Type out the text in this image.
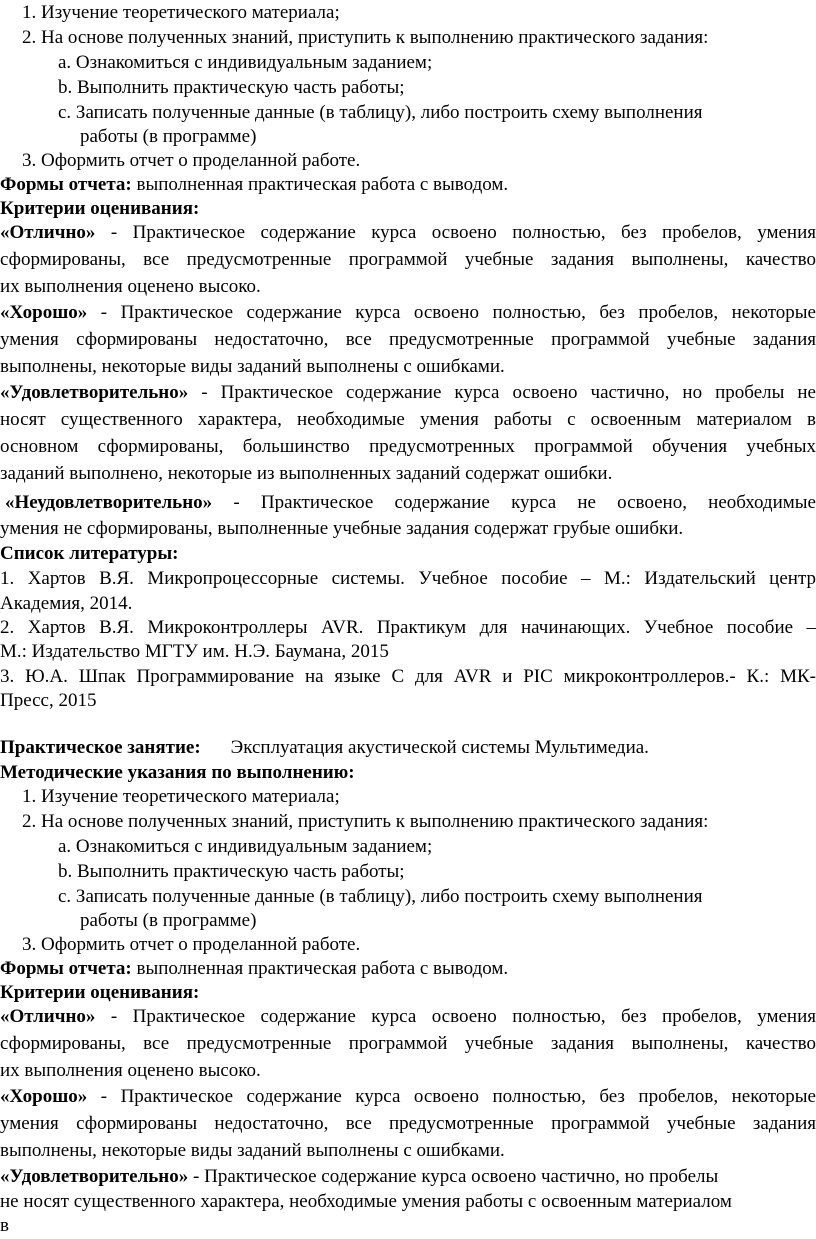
1. Изучение теоретического материала;
2. На основе полученных знаний, приступить к выполнению практического задания:
a. Ознакомиться с индивидуальным заданием;
b. Выполнить практическую часть работы;
c. Записать полученные данные (в таблицу), либо построить схему выполнения
работы (в программе)
3. Оформить отчет о проделанной работе.
Формы отчета: выполненная практическая работа с выводом.
Критерии оценивания:
«Отлично» - Практическое содержание курса освоено полностью, без пробелов, умения
сформированы, все предусмотренные программой учебные задания выполнены, качество
их выполнения оценено высоко.
«Хорошо» - Практическое содержание курса освоено полностью, без пробелов, некоторые
умения сформированы недостаточно, все предусмотренные программой учебные задания
выполнены, некоторые виды заданий выполнены с ошибками.
«Удовлетворительно» - Практическое содержание курса освоено частично, но пробелы не
носят существенного характера, необходимые умения работы с освоенным материалом в
основном сформированы, большинство предусмотренных программой обучения учебных
заданий выполнено, некоторые из выполненных заданий содержат ошибки.
«Неудовлетворительно» - Практическое содержание курса не освоено, необходимые
умения не сформированы, выполненные учебные задания содержат грубые ошибки.
Список литературы:
1. Хартов В.Я. Микропроцессорные системы. Учебное пособие – М.: Издательский центр
Академия, 2014.
2. Хартов В.Я. Микроконтроллеры AVR. Практикум для начинающих. Учебное пособие –
М.: Издательство МГТУ им. Н.Э. Баумана, 2015
3. Ю.А. Шпак Программирование на языке С для AVR и PIC микроконтроллеров.- К.: МК-
Пресс, 2015
Практическое занятие: Эксплуатация акустической системы Мультимедиа.
Методические указания по выполнению:
1. Изучение теоретического материала;
2. На основе полученных знаний, приступить к выполнению практического задания:
a. Ознакомиться с индивидуальным заданием;
b. Выполнить практическую часть работы;
c. Записать полученные данные (в таблицу), либо построить схему выполнения
работы (в программе)
3. Оформить отчет о проделанной работе.
Формы отчета: выполненная практическая работа с выводом.
Критерии оценивания:
«Отлично» - Практическое содержание курса освоено полностью, без пробелов, умения
сформированы, все предусмотренные программой учебные задания выполнены, качество
их выполнения оценено высоко.
«Хорошо» - Практическое содержание курса освоено полностью, без пробелов, некоторые
умения сформированы недостаточно, все предусмотренные программой учебные задания
выполнены, некоторые виды заданий выполнены с ошибками.
«Удовлетворительно» - Практическое содержание курса освоено частично, но пробелы
не носят существенного характера, необходимые умения работы с освоенным материалом
в
